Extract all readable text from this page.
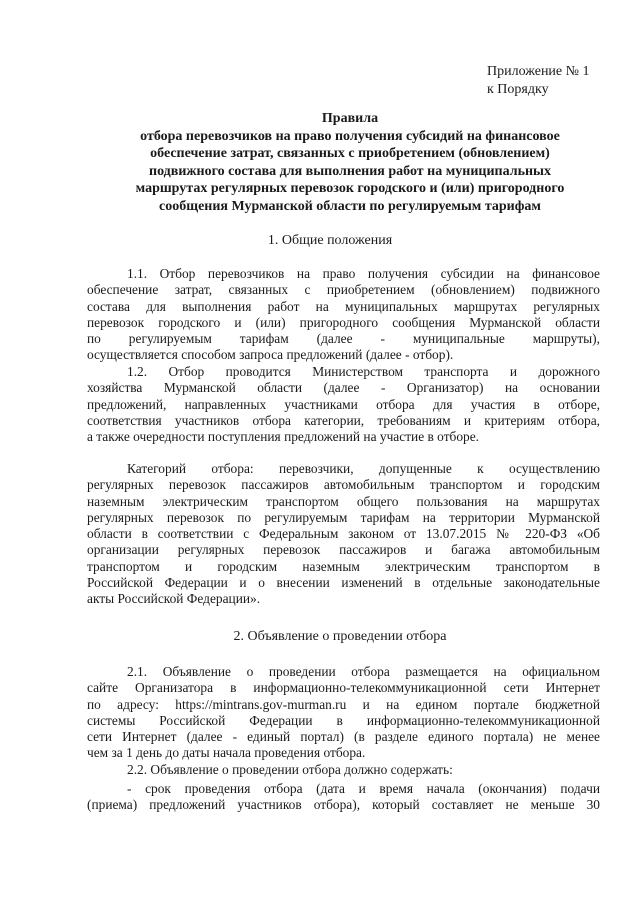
Приложение № 1
к Порядку
Правила
отбора перевозчиков на право получения субсидий на финансовое
обеспечение затрат, связанных с приобретением (обновлением)
подвижного состава для выполнения работ на муниципальных
маршрутах регулярных перевозок городского и (или) пригородного
сообщения Мурманской области по регулируемым тарифам
1. Общие положения
1.1. Отбор перевозчиков на право получения субсидии на финансовое
обеспечение затрат, связанных с приобретением (обновлением) подвижного
состава для выполнения работ на муниципальных маршрутах регулярных
перевозок городского и (или) пригородного сообщения Мурманской области
по регулируемым тарифам (далее - муниципальные маршруты),
осуществляется способом запроса предложений (далее - отбор).
1.2. Отбор проводится Министерством транспорта и дорожного
хозяйства Мурманской области (далее - Организатор) на основании
предложений, направленных участниками отбора для участия в отборе,
соответствия участников отбора категории, требованиям и критериям отбора,
а также очередности поступления предложений на участие в отборе.
Категорий отбора: перевозчики, допущенные к осуществлению
регулярных перевозок пассажиров автомобильным транспортом и городским
наземным электрическим транспортом общего пользования на маршрутах
регулярных перевозок по регулируемым тарифам на территории Мурманской
области в соответствии с Федеральным законом от 13.07.2015 № 220-ФЗ «Об
организации регулярных перевозок пассажиров и багажа автомобильным
транспортом и городским наземным электрическим транспортом в
Российской Федерации и о внесении изменений в отдельные законодательные
акты Российской Федерации».
2. Объявление о проведении отбора
2.1. Объявление о проведении отбора размещается на официальном
сайте Организатора в информационно-телекоммуникационной сети Интернет
по адресу: https://mintrans.gov-murman.ru и на едином портале бюджетной
системы Российской Федерации в информационно-телекоммуникационной
сети Интернет (далее - единый портал) (в разделе единого портала) не менее
чем за 1 день до даты начала проведения отбора.
2.2. Объявление о проведении отбора должно содержать:
- срок проведения отбора (дата и время начала (окончания) подачи
(приема) предложений участников отбора), который составляет не меньше 30
